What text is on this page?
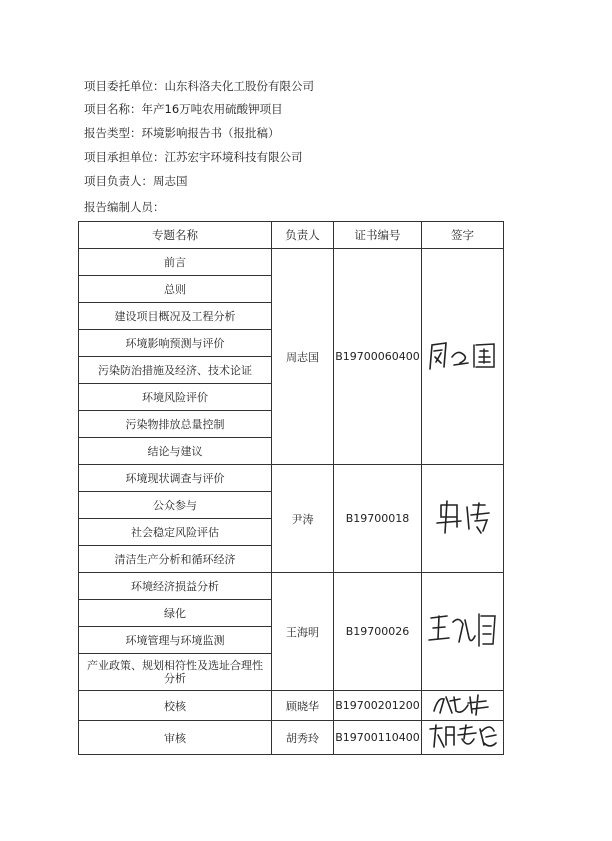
项目委托单位：山东科洛夫化工股份有限公司
项目名称：年产16万吨农用硫酸钾项目
报告类型：环境影响报告书（报批稿）
项目承担单位：江苏宏宇环境科技有限公司
项目负责人：周志国
报告编制人员：
专题名称	负责人	证书编号	签字
前言	周志国	B19700060400	
总则			
建设项目概况及工程分析			
环境影响预测与评价			
污染防治措施及经济、技术论证			
环境风险评价			
污染物排放总量控制			
结论与建议			
环境现状调查与评价	尹涛	B19700018	
公众参与			
社会稳定风险评估			
清洁生产分析和循环经济			
环境经济损益分析	王海明	B19700026	
绿化			
环境管理与环境监测			
产业政策、规划相符性及选址合理性分析			
校核	顾晓华	B19700201200	
审核	胡秀玲	B19700110400	
